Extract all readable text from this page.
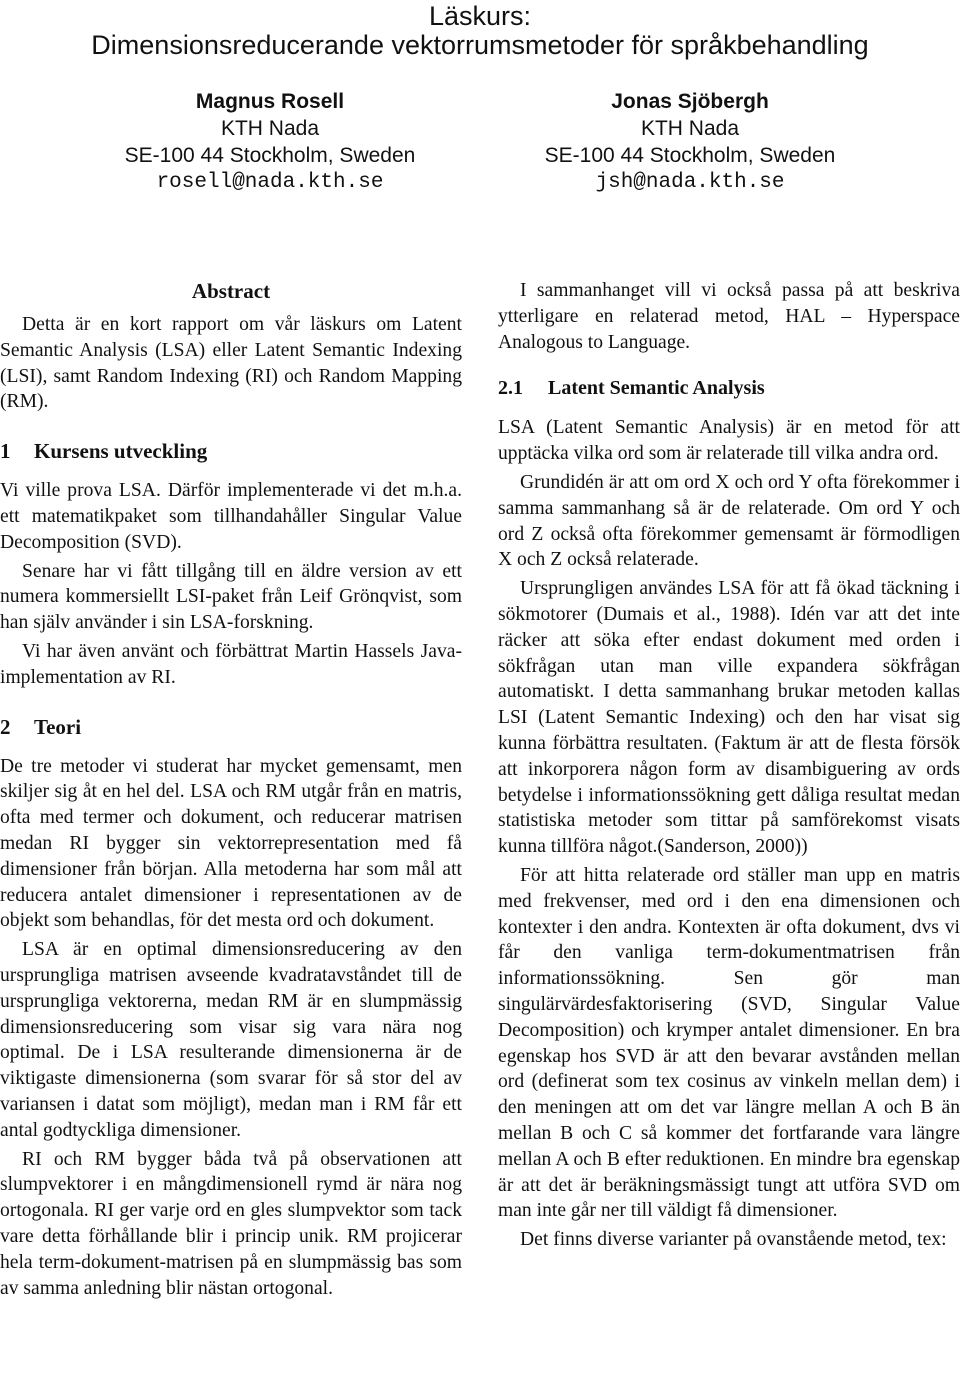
Läskurs:
Dimensionsreducerande vektorrumsmetoder för språkbehandling
Magnus Rosell
KTH Nada
SE-100 44 Stockholm, Sweden
rosell@nada.kth.se
Jonas Sjöbergh
KTH Nada
SE-100 44 Stockholm, Sweden
jsh@nada.kth.se
Abstract

Detta är en kort rapport om vår läskurs om Latent Semantic Analysis (LSA) eller Latent Semantic Indexing (LSI), samt Random Indexing (RI) och Random Mapping (RM).

1 Kursens utveckling

Vi ville prova LSA. Därför implementerade vi det m.h.a. ett matematikpaket som tillhandahåller Singular Value Decomposition (SVD).

Senare har vi fått tillgång till en äldre version av ett numera kommersiellt LSI-paket från Leif Grönqvist, som han själv använder i sin LSA-forskning.

Vi har även använt och förbättrat Martin Hassels Java-implementation av RI.

2 Teori

De tre metoder vi studerat har mycket gemensamt, men skiljer sig åt en hel del. LSA och RM utgår från en matris, ofta med termer och dokument, och reducerar matrisen medan RI bygger sin vektorrepresentation med få dimensioner från början. Alla metoderna har som mål att reducera antalet dimensioner i representationen av de objekt som behandlas, för det mesta ord och dokument.

LSA är en optimal dimensionsreducering av den ursprungliga matrisen avseende kvadratavståndet till de ursprungliga vektorerna, medan RM är en slumpmässig dimensionsreducering som visar sig vara nära nog optimal. De i LSA resulterande dimensionerna är de viktigaste dimensionerna (som svarar för så stor del av variansen i datat som möjligt), medan man i RM får ett antal godtyckliga dimensioner.

RI och RM bygger båda två på observationen att slumpvektorer i en mångdimensionell rymd är nära nog ortogonala. RI ger varje ord en gles slumpvektor som tack vare detta förhållande blir i princip unik. RM projicerar hela term-dokument-matrisen på en slumpmässig bas som av samma anledning blir nästan ortogonal.

I sammanhanget vill vi också passa på att beskriva ytterligare en relaterad metod, HAL – Hyperspace Analogous to Language.

2.1 Latent Semantic Analysis

LSA (Latent Semantic Analysis) är en metod för att upptäcka vilka ord som är relaterade till vilka andra ord.

Grundidén är att om ord X och ord Y ofta förekommer i samma sammanhang så är de relaterade. Om ord Y och ord Z också ofta förekommer gemensamt är förmodligen X och Z också relaterade.

Ursprungligen användes LSA för att få ökad täckning i sökmotorer (Dumais et al., 1988). Idén var att det inte räcker att söka efter endast dokument med orden i sökfrågan utan man ville expandera sökfrågan automatiskt. I detta sammanhang brukar metoden kallas LSI (Latent Semantic Indexing) och den har visat sig kunna förbättra resultaten. (Faktum är att de flesta försök att inkorporera någon form av disambiguering av ords betydelse i informationssökning gett dåliga resultat medan statistiska metoder som tittar på samförekomst visats kunna tillföra något.(Sanderson, 2000))

För att hitta relaterade ord ställer man upp en matris med frekvenser, med ord i den ena dimensionen och kontexter i den andra. Kontexten är ofta dokument, dvs vi får den vanliga term-dokumentmatrisen från informationssökning. Sen gör man singulärvärdesfaktorisering (SVD, Singular Value Decomposition) och krymper antalet dimensioner. En bra egenskap hos SVD är att den bevarar avstånden mellan ord (definerat som tex cosinus av vinkeln mellan dem) i den meningen att om det var längre mellan A och B än mellan B och C så kommer det fortfarande vara längre mellan A och B efter reduktionen. En mindre bra egenskap är att det är beräkningsmässigt tungt att utföra SVD om man inte går ner till väldigt få dimensioner.

Det finns diverse varianter på ovanstående metod, tex:
